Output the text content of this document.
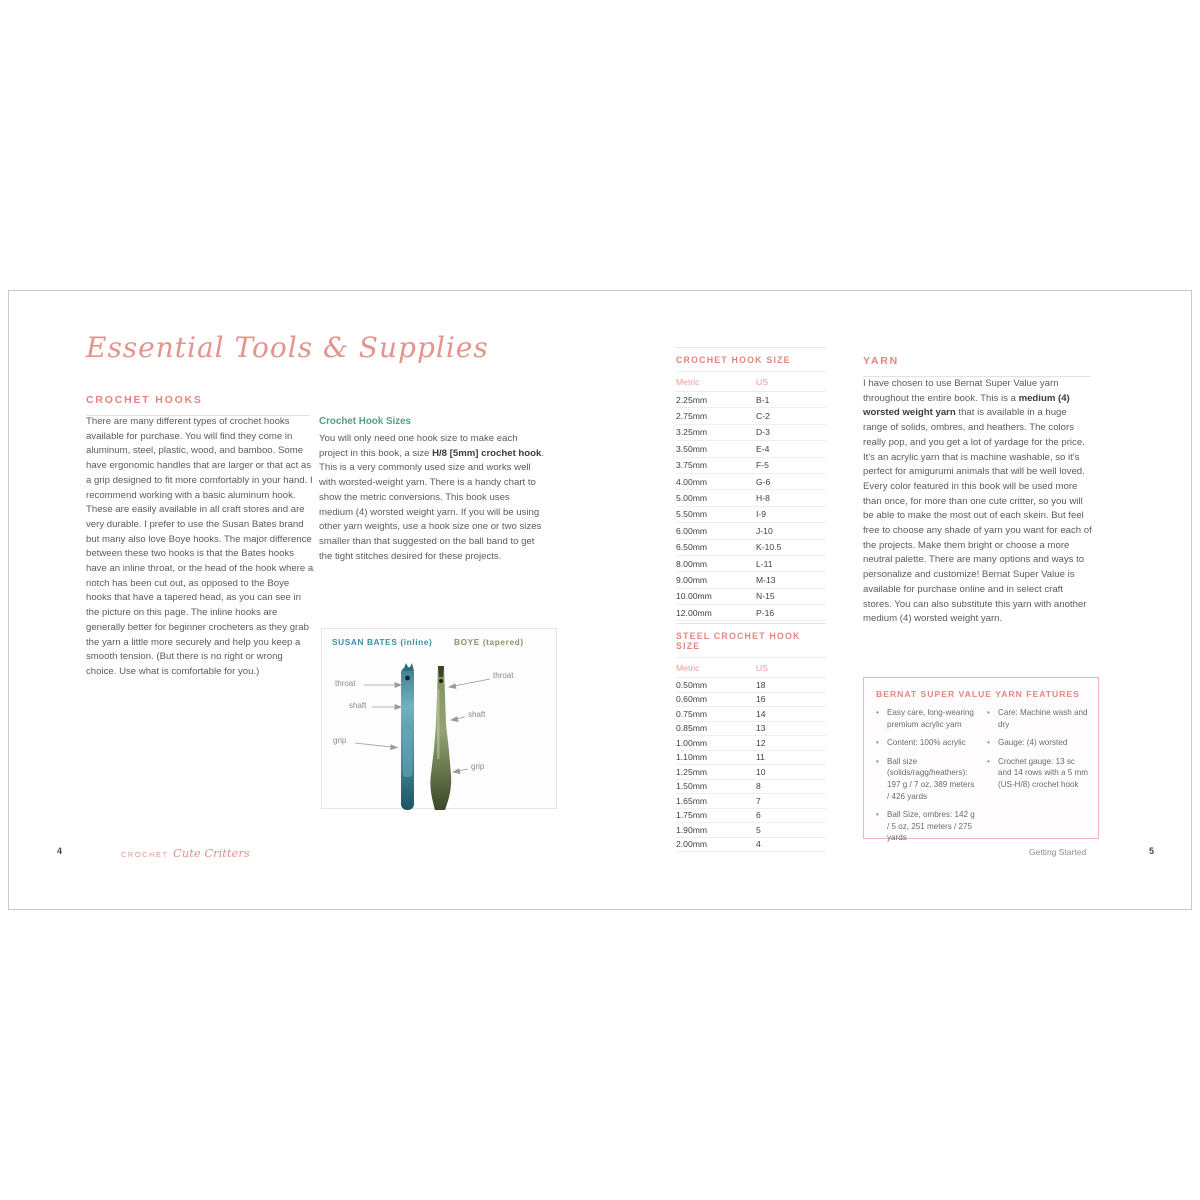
Essential Tools & Supplies
CROCHET HOOKS
There are many different types of crochet hooks available for purchase. You will find they come in aluminum, steel, plastic, wood, and bamboo. Some have ergonomic handles that are larger or that act as a grip designed to fit more comfortably in your hand. I recommend working with a basic aluminum hook. These are easily available in all craft stores and are very durable. I prefer to use the Susan Bates brand but many also love Boye hooks. The major difference between these two hooks is that the Bates hooks have an inline throat, or the head of the hook where a notch has been cut out, as opposed to the Boye hooks that have a tapered head, as you can see in the picture on this page. The inline hooks are generally better for beginner crocheters as they grab the yarn a little more securely and help you keep a smooth tension. (But there is no right or wrong choice. Use what is comfortable for you.)
Crochet Hook Sizes
You will only need one hook size to make each project in this book, a size H/8 [5mm] crochet hook. This is a very commonly used size and works well with worsted-weight yarn. There is a handy chart to show the metric conversions. This book uses medium (4) worsted weight yarn. If you will be using other yarn weights, use a hook size one or two sizes smaller than that suggested on the ball band to get the tight stitches desired for these projects.
SUSAN BATES (inline)	BOYE (tapered)
throat
shaft
grip
throat
shaft
grip
CROCHET HOOK SIZE
Metric	US
2.25mm	B-1
2.75mm	C-2
3.25mm	D-3
3.50mm	E-4
3.75mm	F-5
4.00mm	G-6
5.00mm	H-8
5.50mm	I-9
6.00mm	J-10
6.50mm	K-10.5
8.00mm	L-11
9.00mm	M-13
10.00mm	N-15
12.00mm	P-16
STEEL CROCHET HOOK SIZE
Metric	US
0.50mm	18
0.60mm	16
0.75mm	14
0.85mm	13
1.00mm	12
1.10mm	11
1.25mm	10
1.50mm	8
1.65mm	7
1.75mm	6
1.90mm	5
2.00mm	4
YARN
I have chosen to use Bernat Super Value yarn throughout the entire book. This is a medium (4) worsted weight yarn that is available in a huge range of solids, ombres, and heathers. The colors really pop, and you get a lot of yardage for the price. It's an acrylic yarn that is machine washable, so it's perfect for amigurumi animals that will be well loved. Every color featured in this book will be used more than once, for more than one cute critter, so you will be able to make the most out of each skein. But feel free to choose any shade of yarn you want for each of the projects. Make them bright or choose a more neutral palette. There are many options and ways to personalize and customize! Bernat Super Value is available for purchase online and in select craft stores. You can also substitute this yarn with another medium (4) worsted weight yarn.
BERNAT SUPER VALUE YARN FEATURES
•	Easy care, long-wearing premium acrylic yarn
•	Content: 100% acrylic
•	Ball size (solids/ragg/heathers): 197 g / 7 oz, 389 meters / 426 yards
•	Ball Size, ombres: 142 g / 5 oz, 251 meters / 275 yards
•	Care: Machine wash and dry
•	Gauge: (4) worsted
•	Crochet gauge: 13 sc and 14 rows with a 5 mm (US-H/8) crochet hook
4	CROCHET Cute Critters	Getting Started	5
